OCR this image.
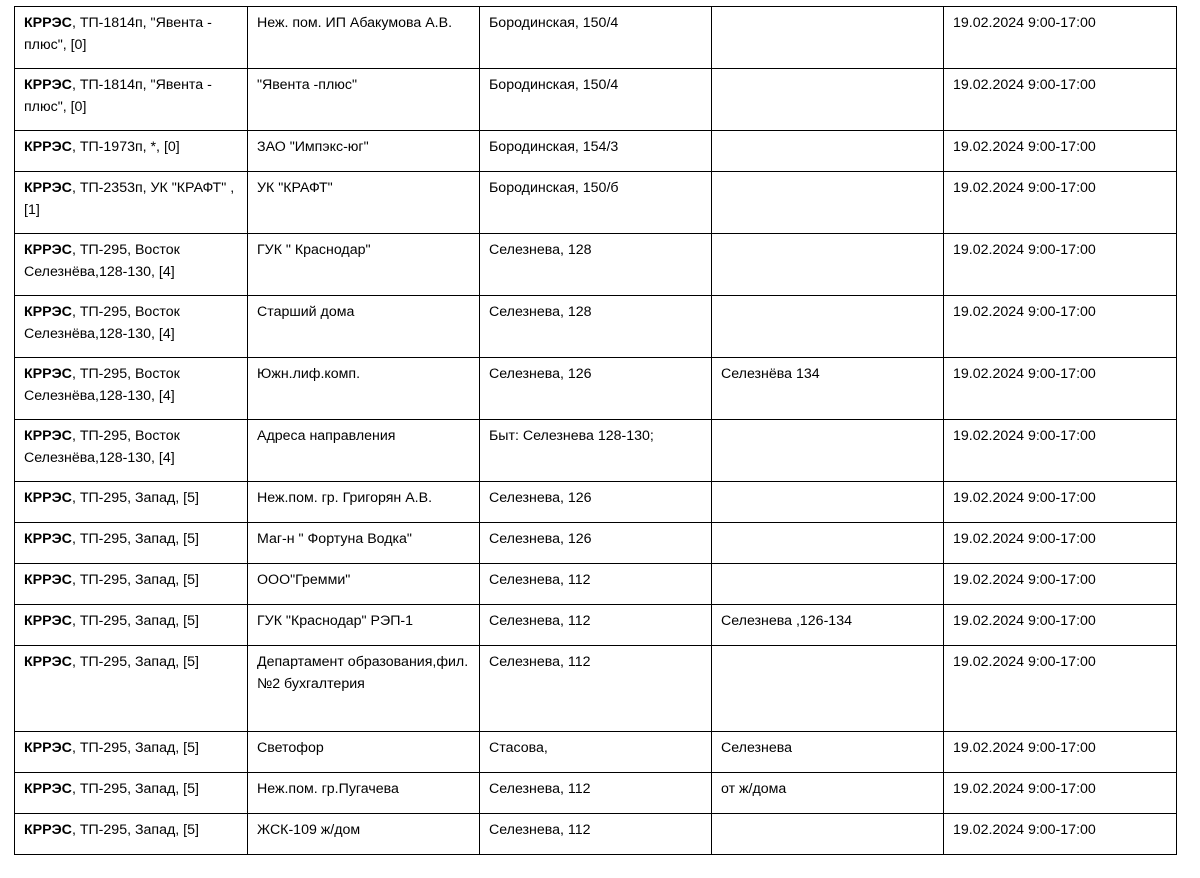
КРРЭС, ТП-1814п, "Явента - плюс", [0]	Неж. пом. ИП Абакумова А.В.	Бородинская, 150/4		19.02.2024 9:00-17:00
КРРЭС, ТП-1814п, "Явента - плюс", [0]	"Явента -плюс"	Бородинская, 150/4		19.02.2024 9:00-17:00
КРРЭС, ТП-1973п, *, [0]	ЗАО "Импэкс-юг"	Бородинская, 154/3		19.02.2024 9:00-17:00
КРРЭС, ТП-2353п, УК "КРАФТ" , [1]	УК "КРАФТ"	Бородинская, 150/б		19.02.2024 9:00-17:00
КРРЭС, ТП-295, Восток Селезнёва,128-130, [4]	ГУК " Краснодар"	Селезнева, 128		19.02.2024 9:00-17:00
КРРЭС, ТП-295, Восток Селезнёва,128-130, [4]	Старший дома	Селезнева, 128		19.02.2024 9:00-17:00
КРРЭС, ТП-295, Восток Селезнёва,128-130, [4]	Южн.лиф.комп.	Селезнева, 126	Селезнёва 134	19.02.2024 9:00-17:00
КРРЭС, ТП-295, Восток Селезнёва,128-130, [4]	Адреса направления	Быт: Селезнева 128-130;		19.02.2024 9:00-17:00
КРРЭС, ТП-295, Запад, [5]	Неж.пом. гр. Григорян А.В.	Селезнева, 126		19.02.2024 9:00-17:00
КРРЭС, ТП-295, Запад, [5]	Маг-н " Фортуна Водка"	Селезнева, 126		19.02.2024 9:00-17:00
КРРЭС, ТП-295, Запад, [5]	ООО"Гремми"	Селезнева, 112		19.02.2024 9:00-17:00
КРРЭС, ТП-295, Запад, [5]	ГУК "Краснодар" РЭП-1	Селезнева, 112	Селезнева ,126-134	19.02.2024 9:00-17:00
КРРЭС, ТП-295, Запад, [5]	Департамент образования,фил.№2 бухгалтерия	Селезнева, 112		19.02.2024 9:00-17:00
КРРЭС, ТП-295, Запад, [5]	Светофор	Стасова,	Селезнева	19.02.2024 9:00-17:00
КРРЭС, ТП-295, Запад, [5]	Неж.пом. гр.Пугачева	Селезнева, 112	от ж/дома	19.02.2024 9:00-17:00
КРРЭС, ТП-295, Запад, [5]	ЖСК-109 ж/дом	Селезнева, 112		19.02.2024 9:00-17:00
